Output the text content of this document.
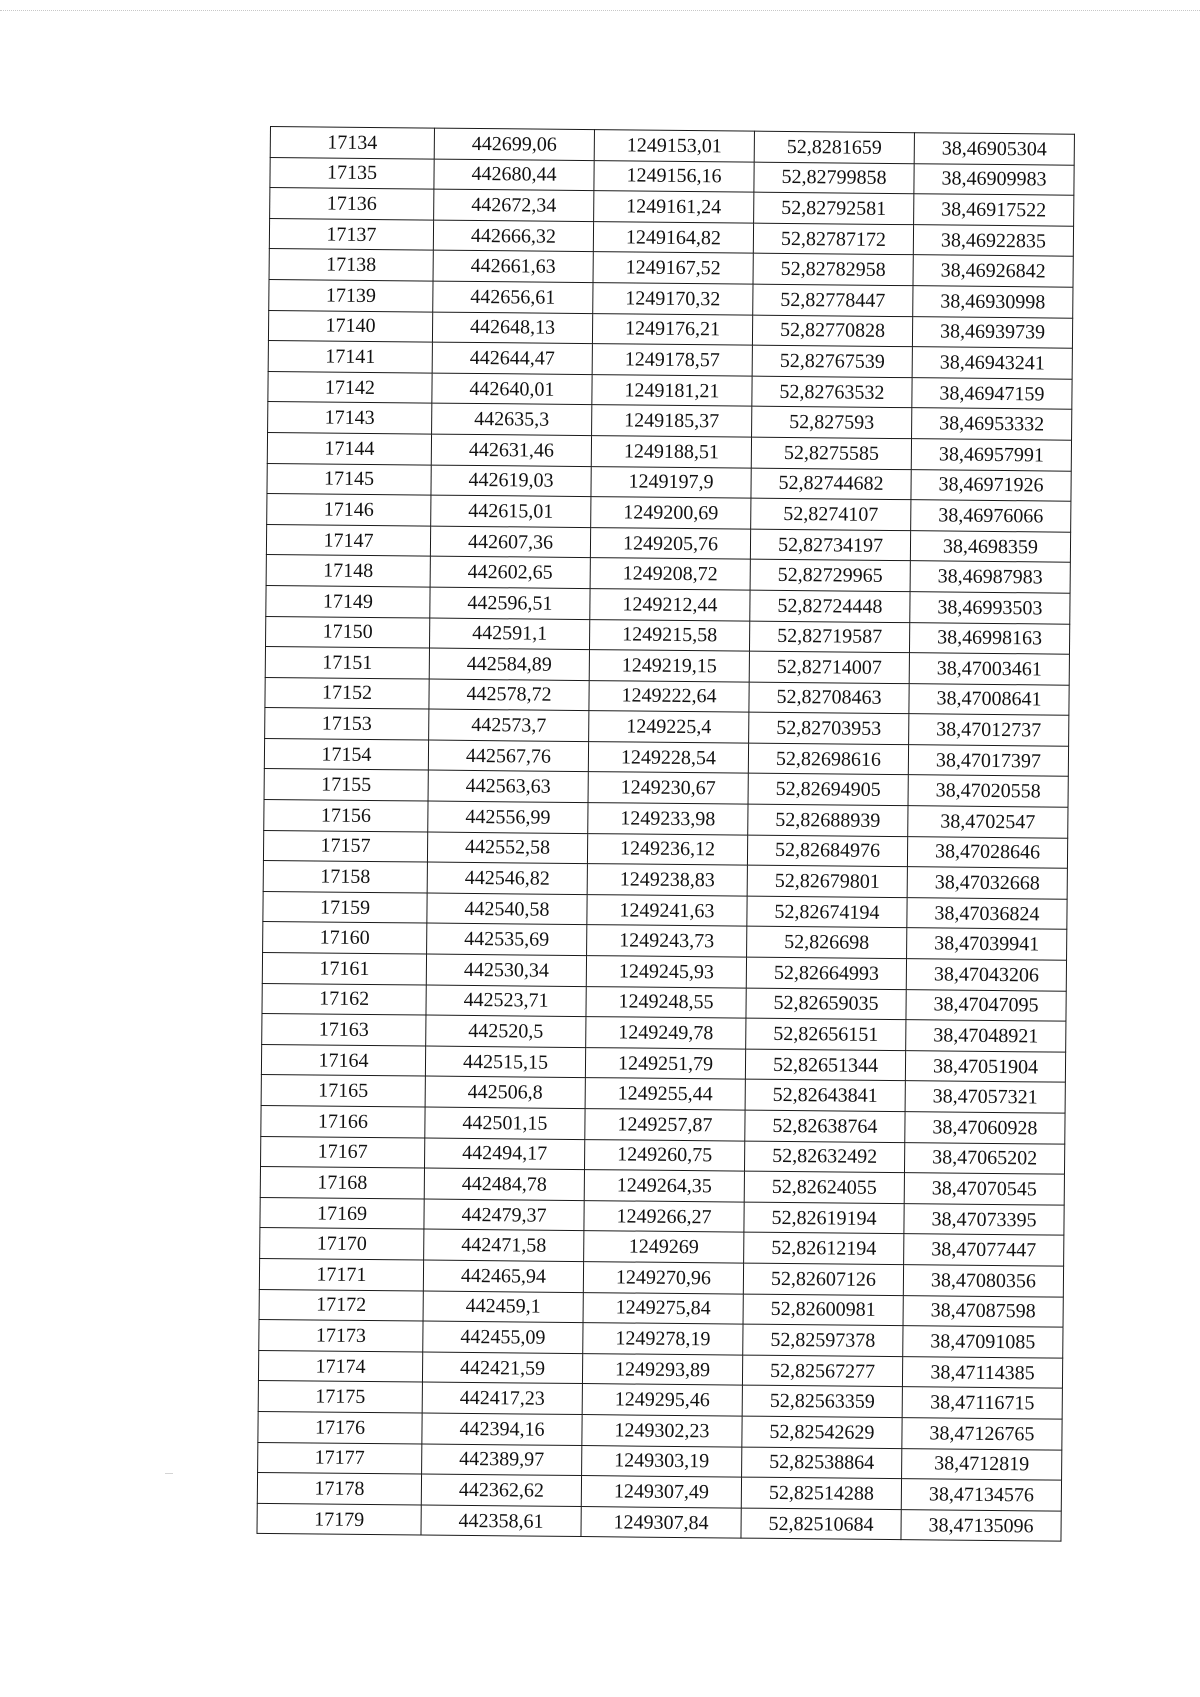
17134	442699,06	1249153,01	52,8281659	38,46905304
17135	442680,44	1249156,16	52,82799858	38,46909983
17136	442672,34	1249161,24	52,82792581	38,46917522
17137	442666,32	1249164,82	52,82787172	38,46922835
17138	442661,63	1249167,52	52,82782958	38,46926842
17139	442656,61	1249170,32	52,82778447	38,46930998
17140	442648,13	1249176,21	52,82770828	38,46939739
17141	442644,47	1249178,57	52,82767539	38,46943241
17142	442640,01	1249181,21	52,82763532	38,46947159
17143	442635,3	1249185,37	52,827593	38,46953332
17144	442631,46	1249188,51	52,8275585	38,46957991
17145	442619,03	1249197,9	52,82744682	38,46971926
17146	442615,01	1249200,69	52,8274107	38,46976066
17147	442607,36	1249205,76	52,82734197	38,4698359
17148	442602,65	1249208,72	52,82729965	38,46987983
17149	442596,51	1249212,44	52,82724448	38,46993503
17150	442591,1	1249215,58	52,82719587	38,46998163
17151	442584,89	1249219,15	52,82714007	38,47003461
17152	442578,72	1249222,64	52,82708463	38,47008641
17153	442573,7	1249225,4	52,82703953	38,47012737
17154	442567,76	1249228,54	52,82698616	38,47017397
17155	442563,63	1249230,67	52,82694905	38,47020558
17156	442556,99	1249233,98	52,82688939	38,4702547
17157	442552,58	1249236,12	52,82684976	38,47028646
17158	442546,82	1249238,83	52,82679801	38,47032668
17159	442540,58	1249241,63	52,82674194	38,47036824
17160	442535,69	1249243,73	52,826698	38,47039941
17161	442530,34	1249245,93	52,82664993	38,47043206
17162	442523,71	1249248,55	52,82659035	38,47047095
17163	442520,5	1249249,78	52,82656151	38,47048921
17164	442515,15	1249251,79	52,82651344	38,47051904
17165	442506,8	1249255,44	52,82643841	38,47057321
17166	442501,15	1249257,87	52,82638764	38,47060928
17167	442494,17	1249260,75	52,82632492	38,47065202
17168	442484,78	1249264,35	52,82624055	38,47070545
17169	442479,37	1249266,27	52,82619194	38,47073395
17170	442471,58	1249269	52,82612194	38,47077447
17171	442465,94	1249270,96	52,82607126	38,47080356
17172	442459,1	1249275,84	52,82600981	38,47087598
17173	442455,09	1249278,19	52,82597378	38,47091085
17174	442421,59	1249293,89	52,82567277	38,47114385
17175	442417,23	1249295,46	52,82563359	38,47116715
17176	442394,16	1249302,23	52,82542629	38,47126765
17177	442389,97	1249303,19	52,82538864	38,4712819
17178	442362,62	1249307,49	52,82514288	38,47134576
17179	442358,61	1249307,84	52,82510684	38,47135096
